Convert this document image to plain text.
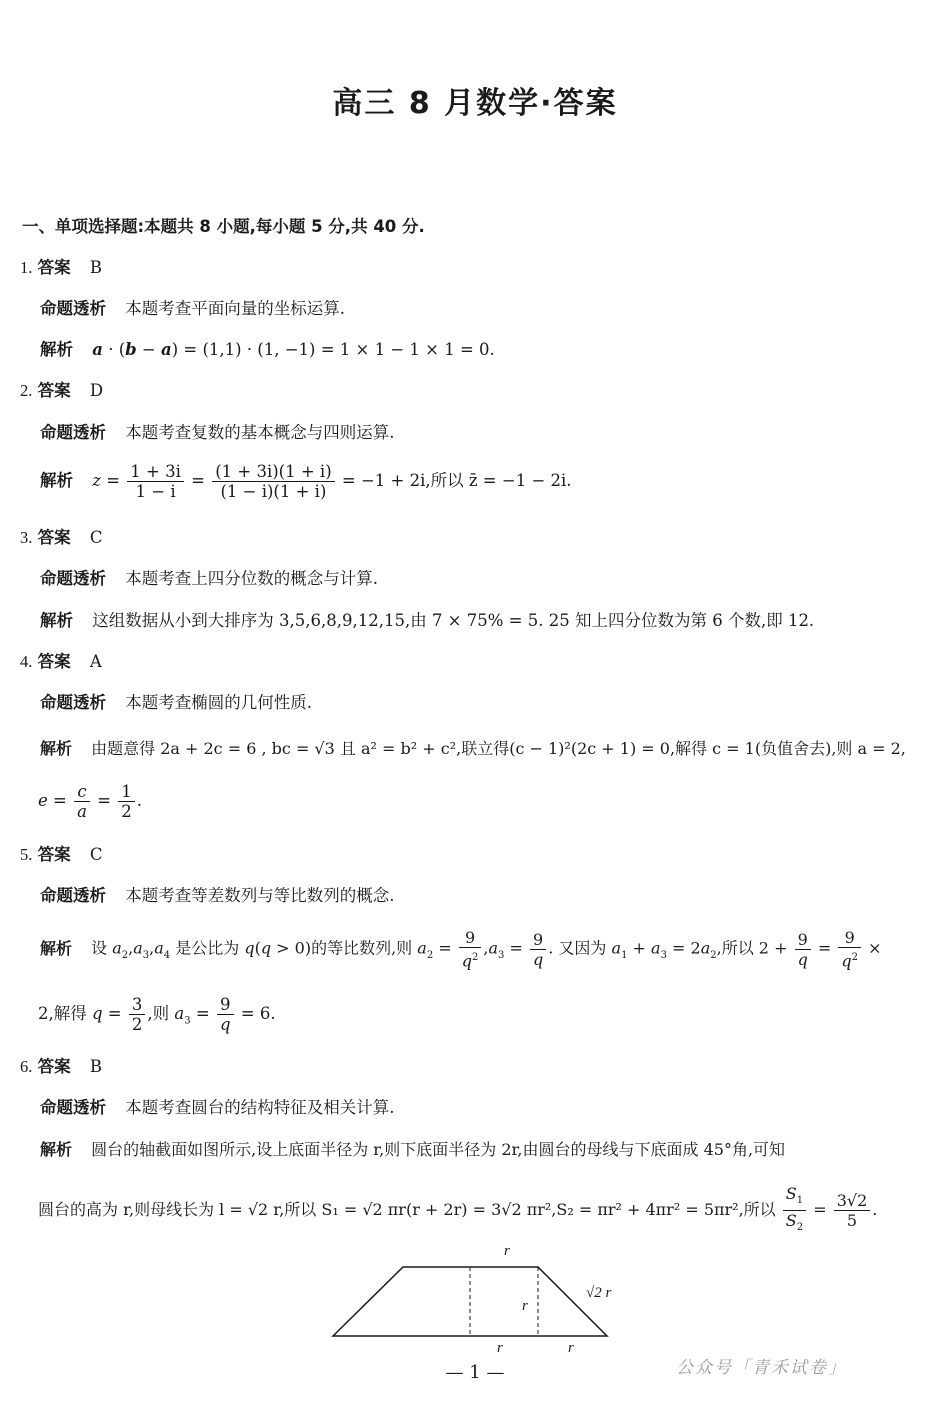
高三 8 月数学·答案
一、单项选择题:本题共 8 小题,每小题 5 分,共 40 分.
1. 答案 B
命题透析 本题考查平面向量的坐标运算.
解析 a · (b − a) = (1,1) · (1, −1) = 1 × 1 − 1 × 1 = 0.
2. 答案 D
命题透析 本题考查复数的基本概念与四则运算.
解析 $z = \frac{1 + 3i}{1 - i} = \frac{(1 + 3i)(1 + i)}{(1 - i)(1 + i)} = -1 + 2i$,所以 z̄ = −1 − 2i.
3. 答案 C
命题透析 本题考查上四分位数的概念与计算.
解析 这组数据从小到大排序为 3,5,6,8,9,12,15,由 7 × 75% = 5. 25 知上四分位数为第 6 个数,即 12.
4. 答案 A
命题透析 本题考查椭圆的几何性质.
解析 由题意得 2a + 2c = 6 , bc = √3 且 a² = b² + c²,联立得(c − 1)²(2c + 1) = 0,解得 c = 1(负值舍去),则 a = 2,
$e = \frac{c}{a} = \frac{1}{2}$ .
5. 答案 C
命题透析 本题考查等差数列与等比数列的概念.
解析 设 $a_2,a_3,a_4$ 是公比为 q(q > 0)的等比数列,则 $a_2 = \frac{9}{q^2} ,a_3 = \frac{9}{q}$ . 又因为 $a_1 + a_3 = 2a_2$,所以 $2 + \frac{9}{q} = \frac{9}{q^2}$ ×
2,解得 $q = \frac{3}{2}$ ,则 $a_3 = \frac{9}{q} = 6$.
6. 答案 B
命题透析 本题考查圆台的结构特征及相关计算.
解析 圆台的轴截面如图所示,设上底面半径为 r,则下底面半径为 2r,由圆台的母线与下底面成 45°角,可知
圆台的高为 r,则母线长为 l = √2 r,所以 S₁ = √2 πr(r + 2r) = 3√2 πr²,S₂ = πr² + 4πr² = 5πr²,所以 $\frac{S_1}{S_2} = \frac{3√2}{5}$ .
r
√2 r
r
r	r
— 1 —	公众号「青禾试卷」
